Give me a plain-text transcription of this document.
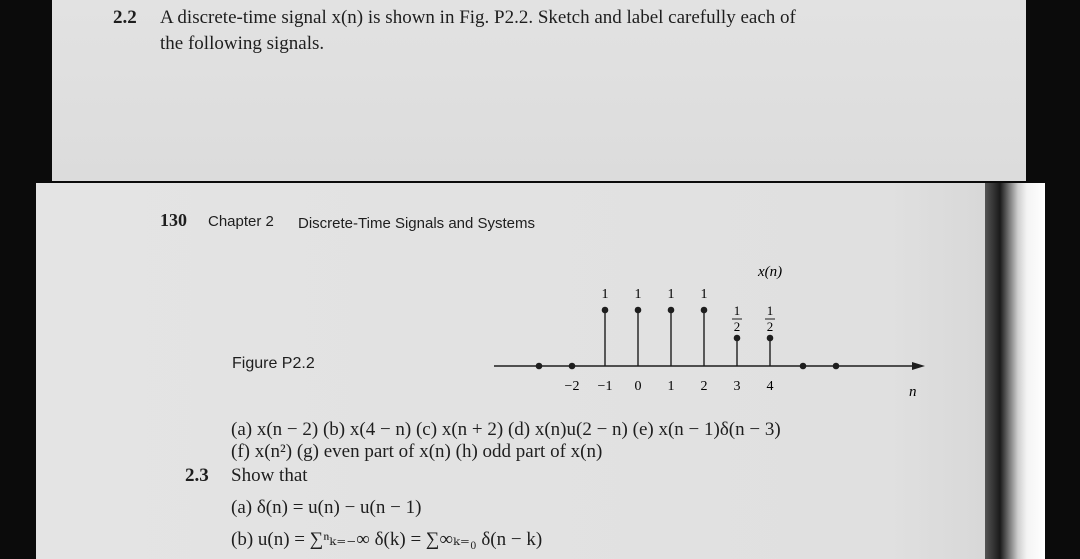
2.2 A discrete-time signal x(n) is shown in Fig. P2.2. Sketch and label carefully each of
the following signals.
130 Chapter 2 Discrete-Time Signals and Systems
Figure P2.2
n
x(n)
1 1 1 1
1
2
1
2
−2 −1 0 1 2 3 4
(a) x(n − 2) (b) x(4 − n) (c) x(n + 2) (d) x(n)u(2 − n) (e) x(n − 1)δ(n − 3)
(f) x(n²) (g) even part of x(n) (h) odd part of x(n)
2.3 Show that
(a) δ(n) = u(n) − u(n − 1)
(b) u(n) = ∑ⁿₖ₌₋∞ δ(k) = ∑∞ₖ₌₀ δ(n − k)
